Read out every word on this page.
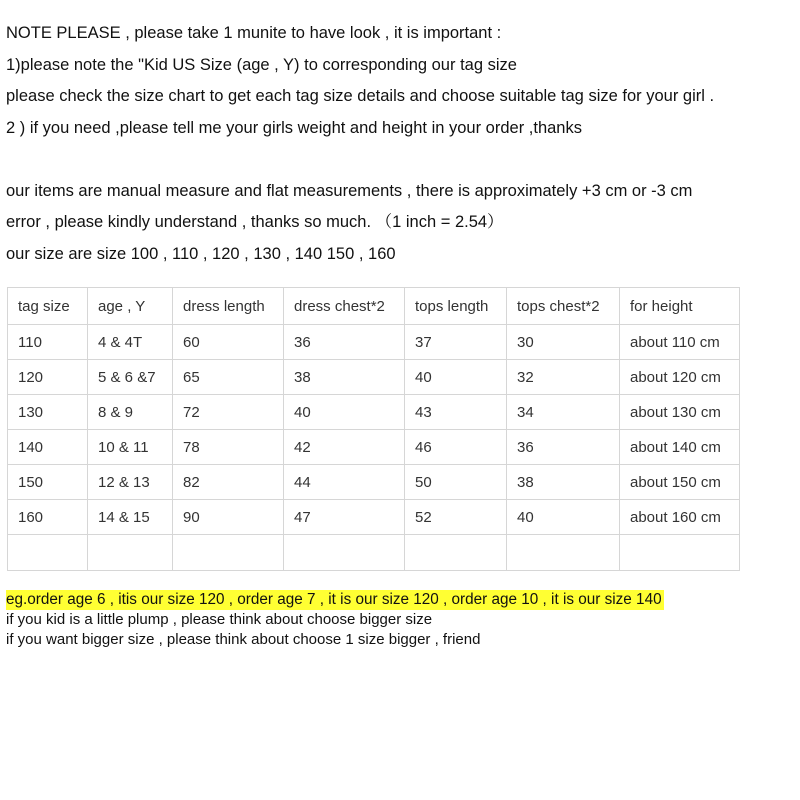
NOTE PLEASE , please take 1 munite to have look , it is important :
1)please note the "Kid US Size (age , Y) to corresponding our tag size
please check the size chart to get each tag size details and choose suitable tag size for your girl .
2 ) if you need ,please tell me your girls weight and height in your order ,thanks
our items are manual measure and flat measurements , there is approximately +3 cm or -3 cm
error , please kindly understand , thanks so much. （1 inch = 2.54）
our size are size 100 , 110 , 120 , 130 , 140 150 , 160
tag size	age , Y	dress length	dress chest*2	tops length	tops chest*2	for height
110	4 & 4T	60	36	37	30	about 110 cm
120	5 & 6 &7	65	38	40	32	about 120 cm
130	8 & 9	72	40	43	34	about 130 cm
140	10 & 11	78	42	46	36	about 140 cm
150	12 & 13	82	44	50	38	about 150 cm
160	14 & 15	90	47	52	40	about 160 cm

eg.order age 6 , itis our size 120 , order age 7 , it is our size 120 , order age 10 , it is our size 140
if you kid is a little plump , please think about choose bigger size
if you want bigger size , please think about choose 1 size bigger , friend
